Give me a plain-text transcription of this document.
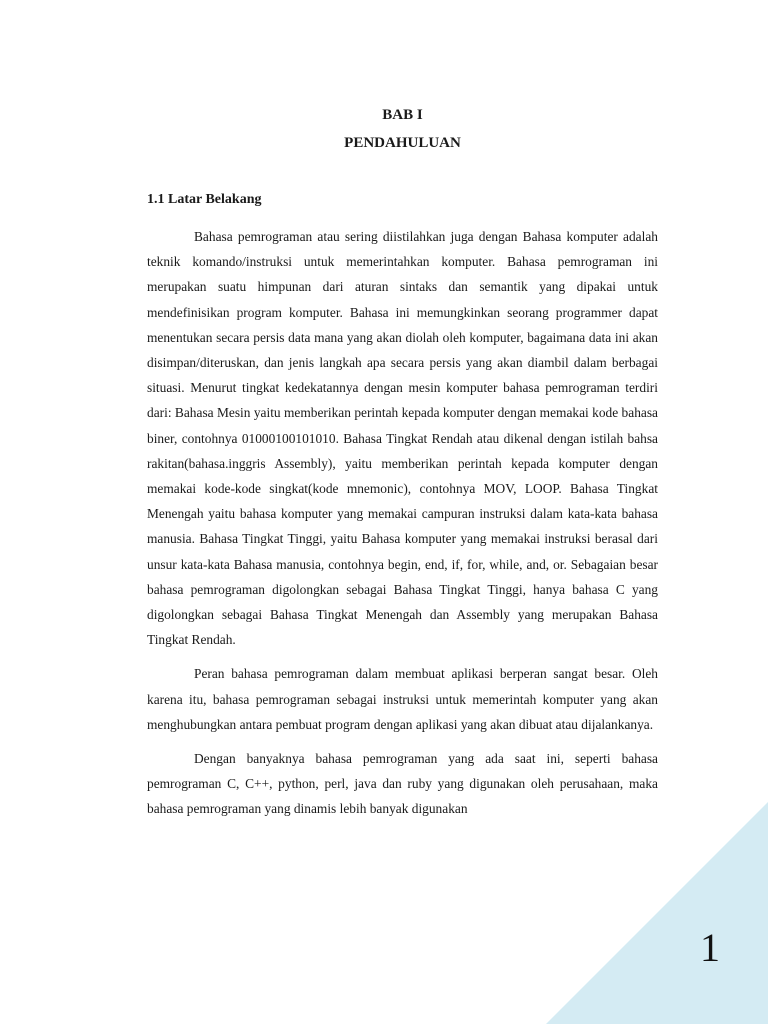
1
BAB I
PENDAHULUAN
1.1 Latar Belakang

Bahasa pemrograman atau sering diistilahkan juga dengan Bahasa komputer adalah teknik komando/instruksi untuk memerintahkan komputer. Bahasa pemrograman ini merupakan suatu himpunan dari aturan sintaks dan semantik yang dipakai untuk mendefinisikan program komputer. Bahasa ini memungkinkan seorang programmer dapat menentukan secara persis data mana yang akan diolah oleh komputer, bagaimana data ini akan disimpan/diteruskan, dan jenis langkah apa secara persis yang akan diambil dalam berbagai situasi. Menurut tingkat kedekatannya dengan mesin komputer bahasa pemrograman terdiri dari: Bahasa Mesin yaitu memberikan perintah kepada komputer dengan memakai kode bahasa biner, contohnya 01000100101010. Bahasa Tingkat Rendah atau dikenal dengan istilah bahsa rakitan(bahasa.inggris Assembly), yaitu memberikan perintah kepada komputer dengan memakai kode-kode singkat(kode mnemonic), contohnya MOV, LOOP. Bahasa Tingkat Menengah yaitu bahasa komputer yang memakai campuran instruksi dalam kata-kata bahasa manusia. Bahasa Tingkat Tinggi, yaitu Bahasa komputer yang memakai instruksi berasal dari unsur kata-kata Bahasa manusia, contohnya begin, end, if, for, while, and, or. Sebagaian besar bahasa pemrograman digolongkan sebagai Bahasa Tingkat Tinggi, hanya bahasa C yang digolongkan sebagai Bahasa Tingkat Menengah dan Assembly yang merupakan Bahasa Tingkat Rendah.

Peran bahasa pemrograman dalam membuat aplikasi berperan sangat besar. Oleh karena itu, bahasa pemrograman sebagai instruksi untuk memerintah komputer yang akan menghubungkan antara pembuat program dengan aplikasi yang akan dibuat atau dijalankanya.

Dengan banyaknya bahasa pemrograman yang ada saat ini, seperti bahasa pemrograman C, C++, python, perl, java dan ruby yang digunakan oleh perusahaan, maka bahasa pemrograman yang dinamis lebih banyak digunakan
